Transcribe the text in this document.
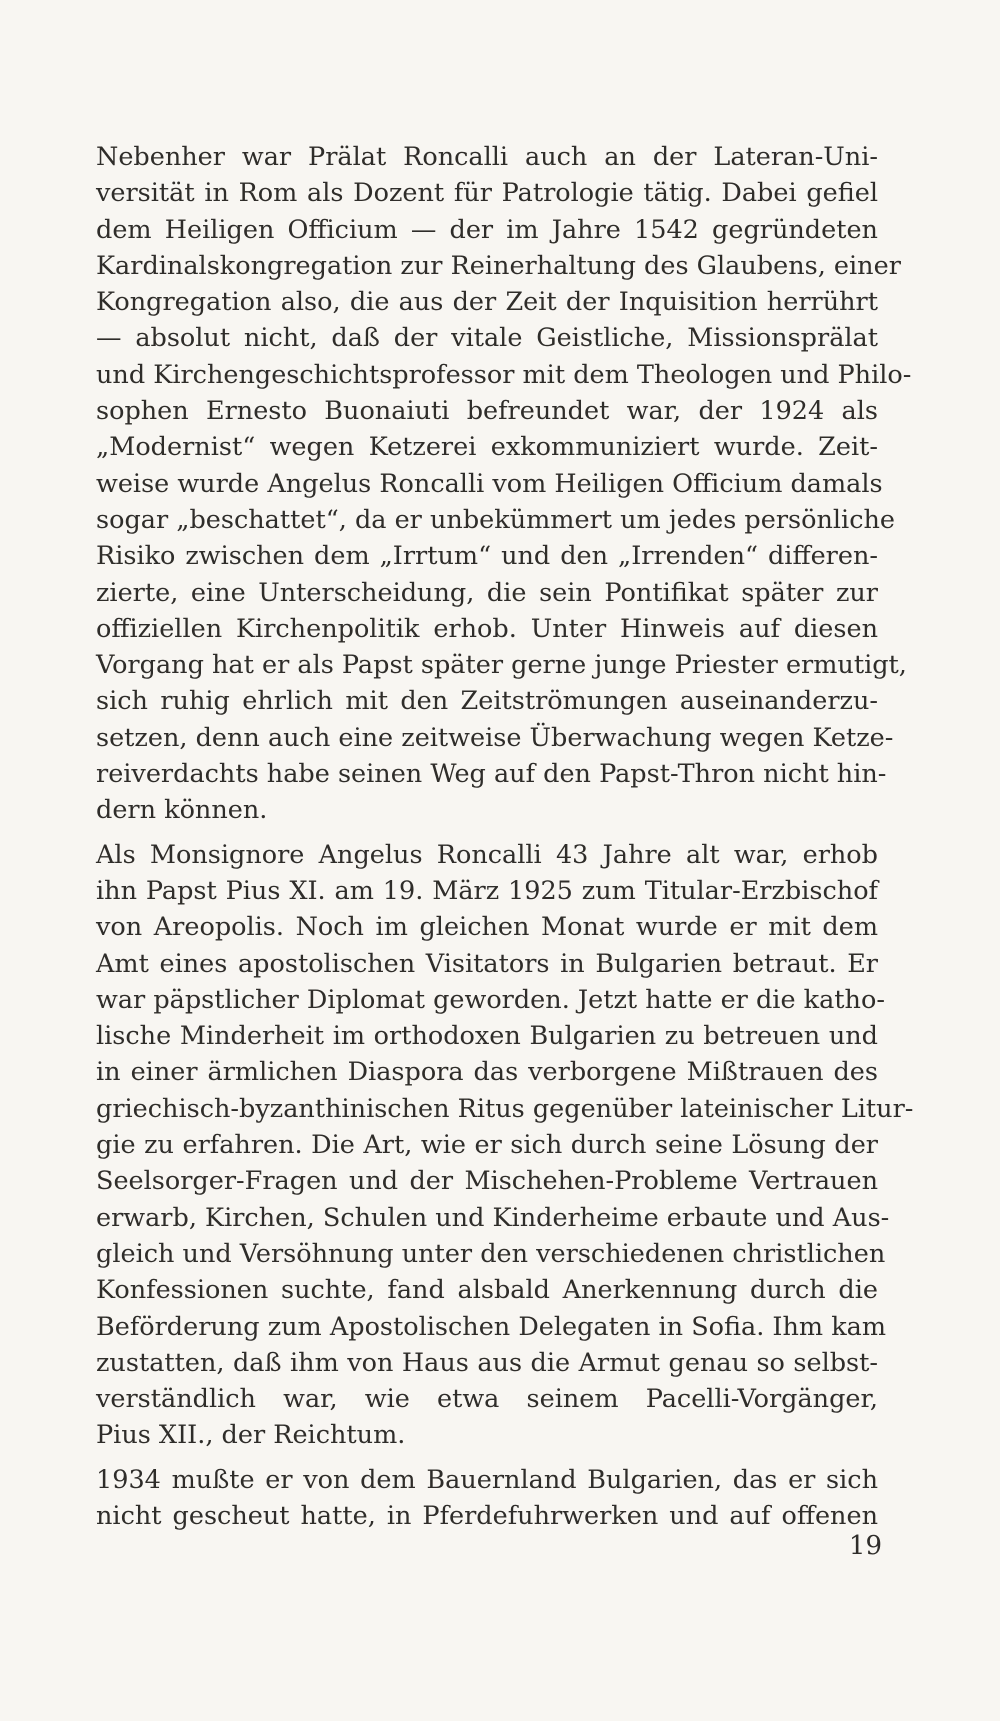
Nebenher war Prälat Roncalli auch an der Lateran-Uni-
versität in Rom als Dozent für Patrologie tätig. Dabei gefiel
dem Heiligen Officium — der im Jahre 1542 gegründeten
Kardinalskongregation zur Reinerhaltung des Glaubens, einer
Kongregation also, die aus der Zeit der Inquisition herrührt
— absolut nicht, daß der vitale Geistliche, Missionsprälat
und Kirchengeschichtsprofessor mit dem Theologen und Philo-
sophen Ernesto Buonaiuti befreundet war, der 1924 als
„Modernist“ wegen Ketzerei exkommuniziert wurde. Zeit-
weise wurde Angelus Roncalli vom Heiligen Officium damals
sogar „beschattet“, da er unbekümmert um jedes persönliche
Risiko zwischen dem „Irrtum“ und den „Irrenden“ differen-
zierte, eine Unterscheidung, die sein Pontifikat später zur
offiziellen Kirchenpolitik erhob. Unter Hinweis auf diesen
Vorgang hat er als Papst später gerne junge Priester ermutigt,
sich ruhig ehrlich mit den Zeitströmungen auseinanderzu-
setzen, denn auch eine zeitweise Überwachung wegen Ketze-
reiverdachts habe seinen Weg auf den Papst-Thron nicht hin-
dern können.
Als Monsignore Angelus Roncalli 43 Jahre alt war, erhob
ihn Papst Pius XI. am 19. März 1925 zum Titular-Erzbischof
von Areopolis. Noch im gleichen Monat wurde er mit dem
Amt eines apostolischen Visitators in Bulgarien betraut. Er
war päpstlicher Diplomat geworden. Jetzt hatte er die katho-
lische Minderheit im orthodoxen Bulgarien zu betreuen und
in einer ärmlichen Diaspora das verborgene Mißtrauen des
griechisch-byzanthinischen Ritus gegenüber lateinischer Litur-
gie zu erfahren. Die Art, wie er sich durch seine Lösung der
Seelsorger-Fragen und der Mischehen-Probleme Vertrauen
erwarb, Kirchen, Schulen und Kinderheime erbaute und Aus-
gleich und Versöhnung unter den verschiedenen christlichen
Konfessionen suchte, fand alsbald Anerkennung durch die
Beförderung zum Apostolischen Delegaten in Sofia. Ihm kam
zustatten, daß ihm von Haus aus die Armut genau so selbst-
verständlich war, wie etwa seinem Pacelli-Vorgänger,
Pius XII., der Reichtum.
1934 mußte er von dem Bauernland Bulgarien, das er sich
nicht gescheut hatte, in Pferdefuhrwerken und auf offenen
19
